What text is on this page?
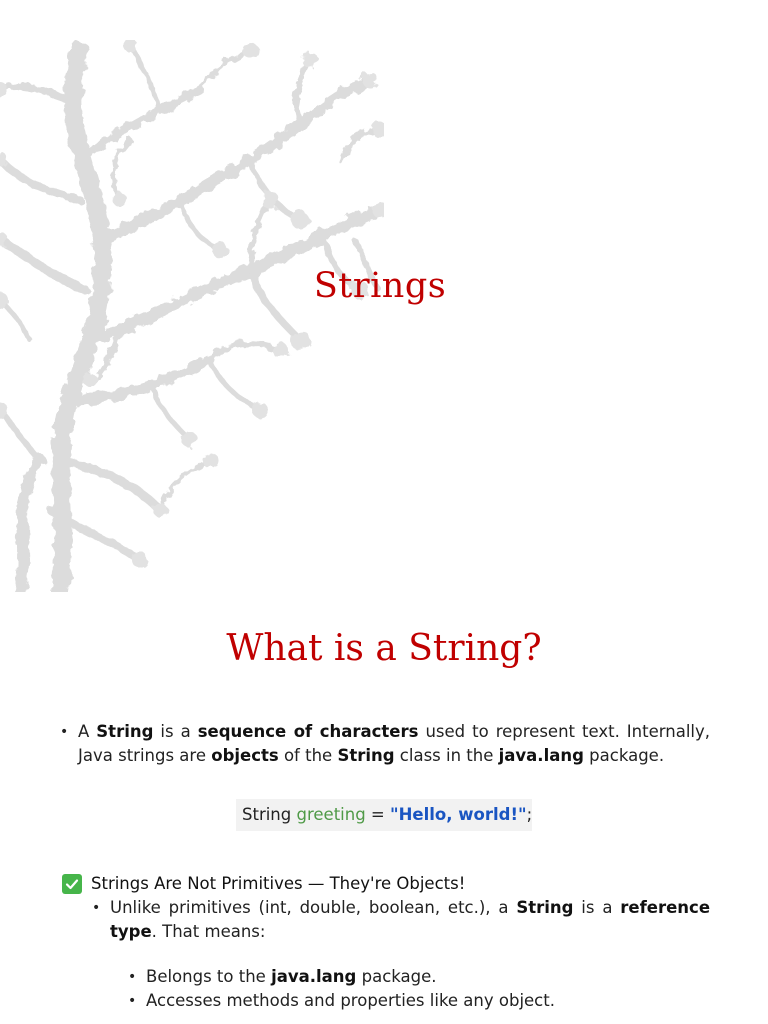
Strings
What is a String?
• A String is a sequence of characters used to represent text. Internally, Java strings are objects of the String class in the java.lang package.
String greeting = "Hello, world!";
Strings Are Not Primitives — They're Objects!
• Unlike primitives (int, double, boolean, etc.), a String is a reference type. That means:
• Belongs to the java.lang package.
• Accesses methods and properties like any object.
